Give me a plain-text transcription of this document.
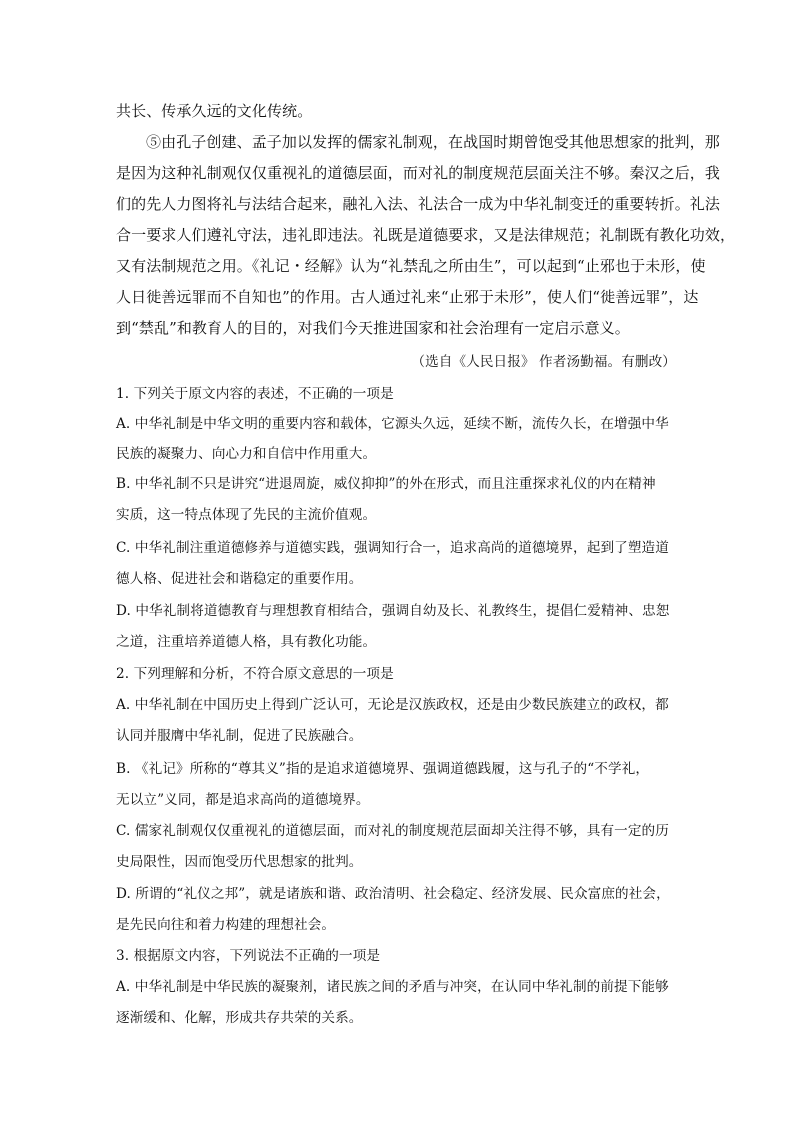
共长、传承久远的文化传统。
⑤由孔子创建、孟子加以发挥的儒家礼制观，在战国时期曾饱受其他思想家的批判，那
是因为这种礼制观仅仅重视礼的道德层面，而对礼的制度规范层面关注不够。秦汉之后，我
们的先人力图将礼与法结合起来，融礼入法、礼法合一成为中华礼制变迁的重要转折。礼法
合一要求人们遵礼守法，违礼即违法。礼既是道德要求，又是法律规范；礼制既有教化功效，
又有法制规范之用。《礼记・经解》认为“礼禁乱之所由生”，可以起到“止邪也于未形，使
人日徙善远罪而不自知也”的作用。古人通过礼来“止邪于未形”，使人们“徙善远罪”，达
到“禁乱”和教育人的目的，对我们今天推进国家和社会治理有一定启示意义。
（选自《人民日报》 作者汤勤福。有删改）
1. 下列关于原文内容的表述，不正确的一项是
A. 中华礼制是中华文明的重要内容和载体，它源头久远，延续不断，流传久长，在增强中华
民族的凝聚力、向心力和自信中作用重大。
B. 中华礼制不只是讲究“进退周旋，威仪抑抑”的外在形式，而且注重探求礼仪的内在精神
实质，这一特点体现了先民的主流价值观。
C. 中华礼制注重道德修养与道德实践，强调知行合一，追求高尚的道德境界，起到了塑造道
德人格、促进社会和谐稳定的重要作用。
D. 中华礼制将道德教育与理想教育相结合，强调自幼及长、礼教终生，提倡仁爱精神、忠恕
之道，注重培养道德人格，具有教化功能。
2. 下列理解和分析，不符合原文意思的一项是
A. 中华礼制在中国历史上得到广泛认可，无论是汉族政权，还是由少数民族建立的政权，都
认同并服膺中华礼制，促进了民族融合。
B. 《礼记》所称的“尊其义”指的是追求道德境界、强调道德践履，这与孔子的“不学礼，
无以立”义同，都是追求高尚的道德境界。
C. 儒家礼制观仅仅重视礼的道德层面，而对礼的制度规范层面却关注得不够，具有一定的历
史局限性，因而饱受历代思想家的批判。
D. 所谓的“礼仪之邦”，就是诸族和谐、政治清明、社会稳定、经济发展、民众富庶的社会，
是先民向往和着力构建的理想社会。
3. 根据原文内容，下列说法不正确的一项是
A. 中华礼制是中华民族的凝聚剂，诸民族之间的矛盾与冲突，在认同中华礼制的前提下能够
逐渐缓和、化解，形成共存共荣的关系。
